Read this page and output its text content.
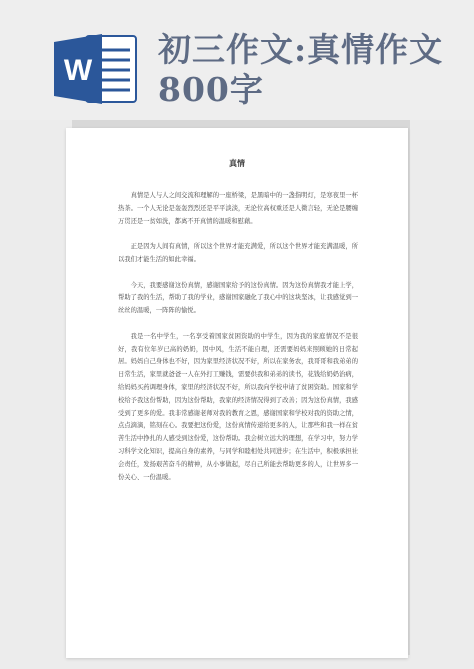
W
初三作文:真情作文800字
真情

真情是人与人之间交流和理解的一座桥梁，是黑暗中的一盏指明灯，是寒夜里一杯热茶。一个人无论是轰轰烈烈还是平平淡淡，无论位高权重还是人微言轻，无论是腰缠万贯还是一贫如洗，都离不开真情的温暖和慰藉。

正是因为人间有真情，所以这个世界才能充满爱，所以这个世界才能充满温暖，所以我们才能生活的如此幸福。

今天，我要感谢这份真情，感谢国家给予的这份真情。因为这份真情我才能上学，帮助了我的生活，帮助了我的学业，感谢国家融化了我心中的这块坚冰，让我感觉到一丝丝的温暖，一阵阵的愉悦。

我是一名中学生，一名享受着国家贫困资助的中学生，因为我的家庭情况不是很好，我有位年岁已高的奶奶，因中风，生活不能自理，还需要妈妈来照顾她的日常起居。妈妈自己身体也不好，因为家里经济状况不好，所以在家务农，我哥哥和我弟弟的日常生活，家里就爸爸一人在外打工赚钱，需要供我和弟弟的读书，花钱给奶奶治病，给妈妈买药调理身体，家里的经济状况不好，所以我向学校申请了贫困资助。国家和学校给予我这份帮助，因为这份帮助，我家的经济情况得到了改善；因为这份真情，我感受到了更多的爱。我非常感谢老师对我的教育之恩，感谢国家和学校对我的资助之情，点点滴滴，铭刻在心。我要把这份爱，这份真情传递给更多的人，让那些和我一样在贫苦生活中挣扎的人感受到这份爱，这份帮助。我会树立远大的理想，在学习中，努力学习科学文化知识，提高自身的素养，与同学和睦相处共同进步；在生活中，积极承担社会责任，发扬艰苦奋斗的精神，从小事做起，尽自己所能去帮助更多的人，让世界多一份关心、一份温暖。
